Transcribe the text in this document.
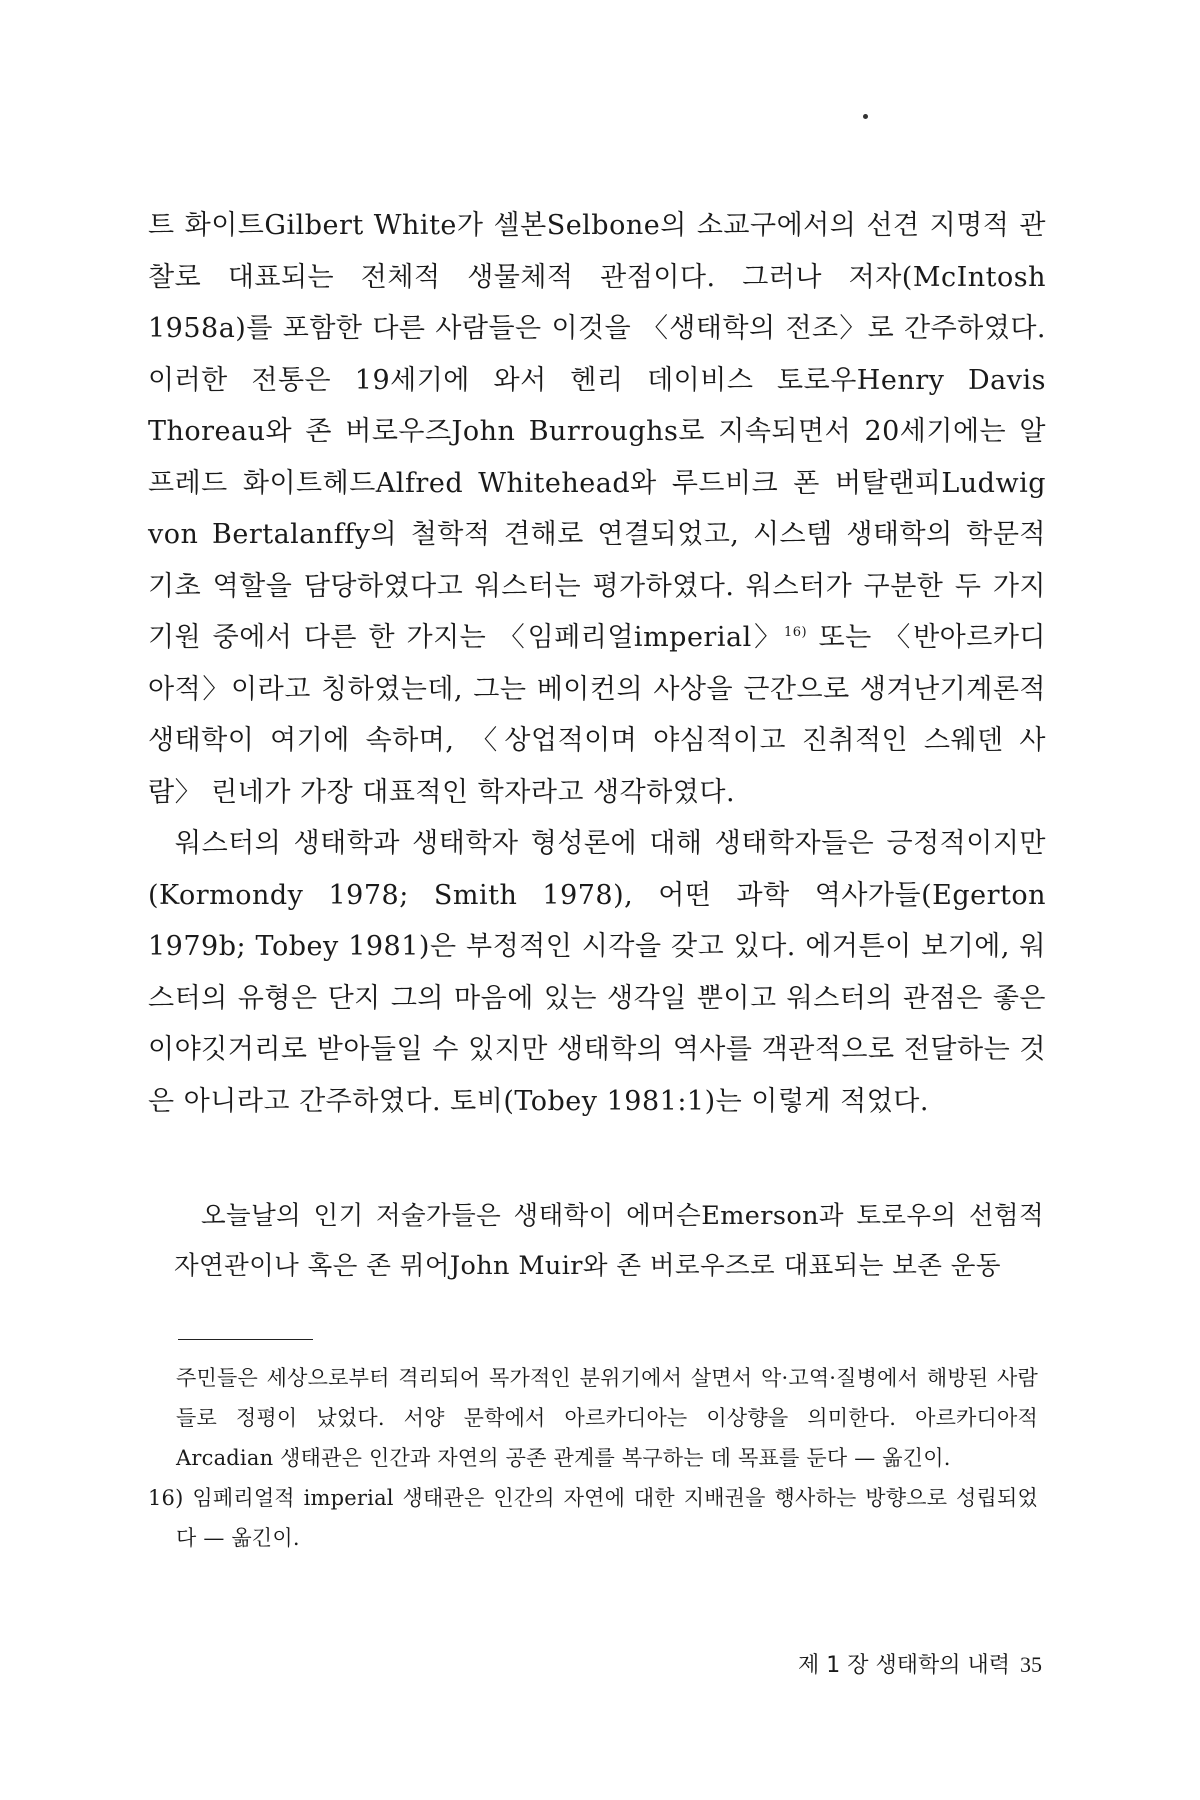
트 화이트Gilbert White가 셀본Selbone의 소교구에서의 선견 지명적 관찰로 대표되는 전체적 생물체적 관점이다. 그러나 저자(McIntosh 1958a)를 포함한 다른 사람들은 이것을 〈생태학의 전조〉로 간주하였다. 이러한 전통은 19세기에 와서 헨리 데이비스 토로우Henry Davis Thoreau와 존 버로우즈John Burroughs로 지속되면서 20세기에는 알프레드 화이트헤드Alfred Whitehead와 루드비크 폰 버탈랜피Ludwig von Bertalanffy의 철학적 견해로 연결되었고, 시스템 생태학의 학문적 기초 역할을 담당하였다고 워스터는 평가하였다. 워스터가 구분한 두 가지 기원 중에서 다른 한 가지는 〈임페리얼imperial〉$^{16)}$ 또는 〈반아르카디아적〉이라고 칭하였는데, 그는 베이컨의 사상을 근간으로 생겨난기계론적 생태학이 여기에 속하며, 〈상업적이며 야심적이고 진취적인 스웨덴 사람〉 린네가 가장 대표적인 학자라고 생각하였다.

워스터의 생태학과 생태학자 형성론에 대해 생태학자들은 긍정적이지만(Kormondy 1978; Smith 1978), 어떤 과학 역사가들(Egerton 1979b; Tobey 1981)은 부정적인 시각을 갖고 있다. 에거튼이 보기에, 워스터의 유형은 단지 그의 마음에 있는 생각일 뿐이고 워스터의 관점은 좋은 이야깃거리로 받아들일 수 있지만 생태학의 역사를 객관적으로 전달하는 것은 아니라고 간주하였다. 토비(Tobey 1981:1)는 이렇게 적었다.

오늘날의 인기 저술가들은 생태학이 에머슨Emerson과 토로우의 선험적 자연관이나 혹은 존 뮈어John Muir와 존 버로우즈로 대표되는 보존 운동

주민들은 세상으로부터 격리되어 목가적인 분위기에서 살면서 악·고역·질병에서 해방된 사람들로 정평이 났었다. 서양 문학에서 아르카디아는 이상향을 의미한다. 아르카디아적 Arcadian 생태관은 인간과 자연의 공존 관계를 복구하는 데 목표를 둔다 — 옮긴이.

16) 임페리얼적 imperial 생태관은 인간의 자연에 대한 지배권을 행사하는 방향으로 성립되었다 — 옮긴이.

제 1 장 생태학의 내력 35
